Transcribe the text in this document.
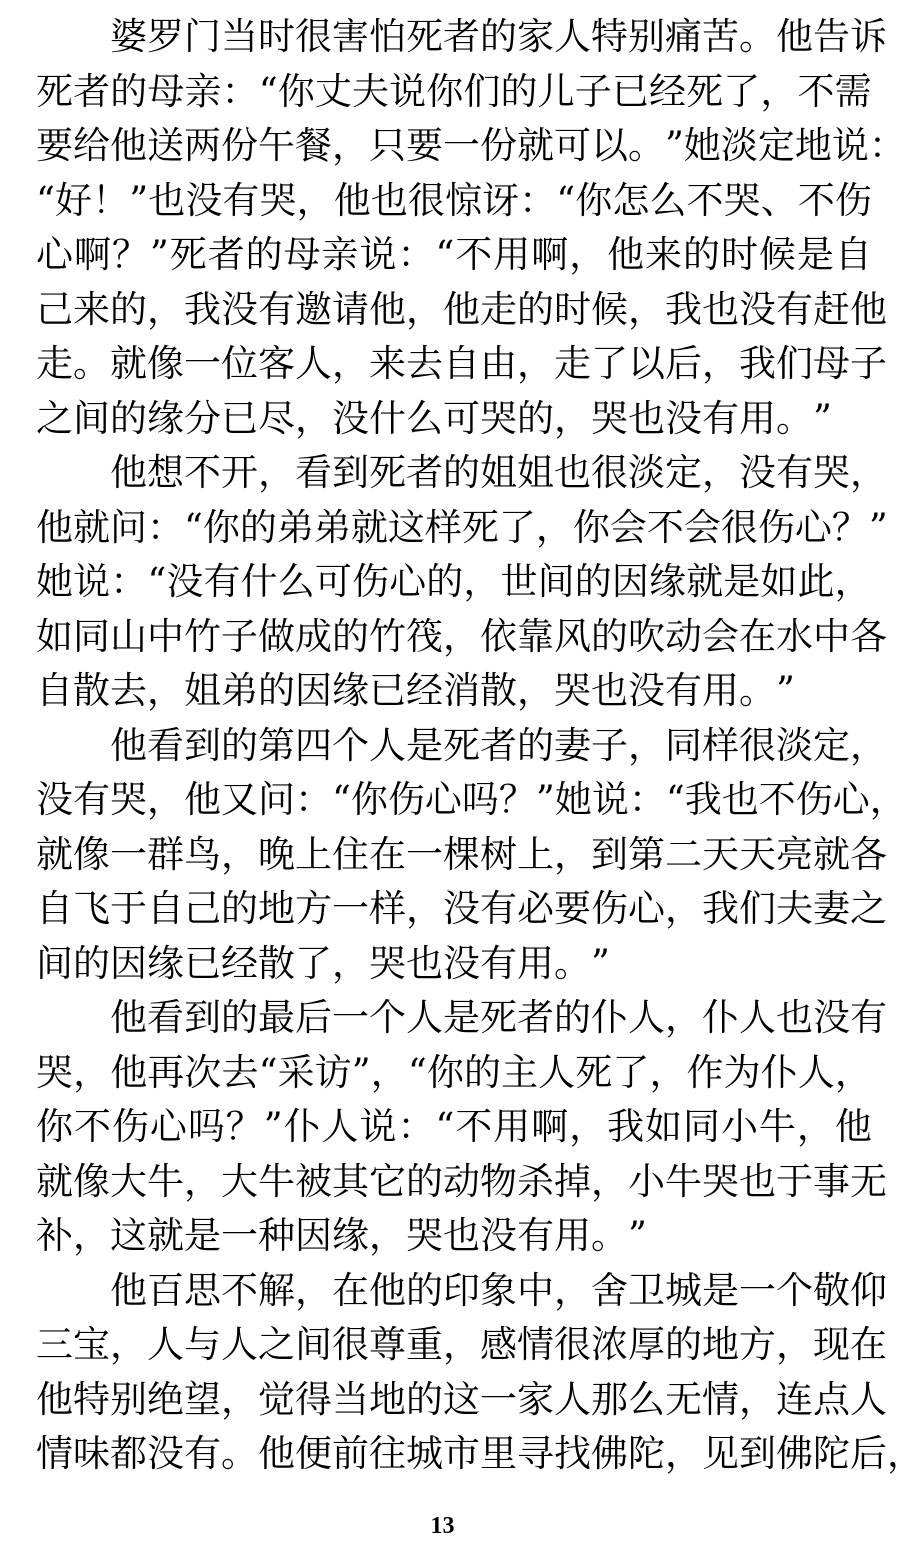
婆 罗 门 当 时 很 害 怕 死 者 的 家 人 特 别 痛 苦 。 他 告 诉
死 者 的 母 亲 ： “ 你 丈 夫 说 你 们 的 儿 子 已 经 死 了 ， 不 需
要 给 他 送 两 份 午 餐 ， 只 要 一 份 就 可 以 。 ” 她 淡 定 地 说 ：
“ 好 ！ ” 也 没 有 哭 ， 他 也 很 惊 讶 ： “ 你 怎 么 不 哭 、 不 伤
心 啊 ？ ” 死 者 的 母 亲 说 ： “ 不 用 啊 ， 他 来 的 时 候 是 自
己 来 的 ， 我 没 有 邀 请 他 ， 他 走 的 时 候 ， 我 也 没 有 赶 他
走 。 就 像 一 位 客 人 ， 来 去 自 由 ， 走 了 以 后 ， 我 们 母 子
之 间 的 缘 分 已 尽 ， 没 什 么 可 哭 的 ， 哭 也 没 有 用 。 ”
他 想 不 开 ， 看 到 死 者 的 姐 姐 也 很 淡 定 ， 没 有 哭 ，
他 就 问 ： “ 你 的 弟 弟 就 这 样 死 了 ， 你 会 不 会 很 伤 心 ？ ”
她 说 ： “ 没 有 什 么 可 伤 心 的 ， 世 间 的 因 缘 就 是 如 此 ，
如 同 山 中 竹 子 做 成 的 竹 筏 ， 依 靠 风 的 吹 动 会 在 水 中 各
自 散 去 ， 姐 弟 的 因 缘 已 经 消 散 ， 哭 也 没 有 用 。 ”
他 看 到 的 第 四 个 人 是 死 者 的 妻 子 ， 同 样 很 淡 定 ，
没 有 哭 ， 他 又 问 ： “ 你 伤 心 吗 ？ ” 她 说 ： “ 我 也 不 伤 心 ，
就 像 一 群 鸟 ， 晚 上 住 在 一 棵 树 上 ， 到 第 二 天 天 亮 就 各
自 飞 于 自 己 的 地 方 一 样 ， 没 有 必 要 伤 心 ， 我 们 夫 妻 之
间 的 因 缘 已 经 散 了 ， 哭 也 没 有 用 。 ”
他 看 到 的 最 后 一 个 人 是 死 者 的 仆 人 ， 仆 人 也 没 有
哭 ， 他 再 次 去 “ 采 访 ” ， “ 你 的 主 人 死 了 ， 作 为 仆 人 ，
你 不 伤 心 吗 ？ ” 仆 人 说 ： “ 不 用 啊 ， 我 如 同 小 牛 ， 他
就 像 大 牛 ， 大 牛 被 其 它 的 动 物 杀 掉 ， 小 牛 哭 也 于 事 无
补 ， 这 就 是 一 种 因 缘 ， 哭 也 没 有 用 。 ”
他 百 思 不 解 ， 在 他 的 印 象 中 ， 舍 卫 城 是 一 个 敬 仰
三 宝 ， 人 与 人 之 间 很 尊 重 ， 感 情 很 浓 厚 的 地 方 ， 现 在
他 特 别 绝 望 ， 觉 得 当 地 的 这 一 家 人 那 么 无 情 ， 连 点 人
情 味 都 没 有 。 他 便 前 往 城 市 里 寻 找 佛 陀 ， 见 到 佛 陀 后 ，
13
